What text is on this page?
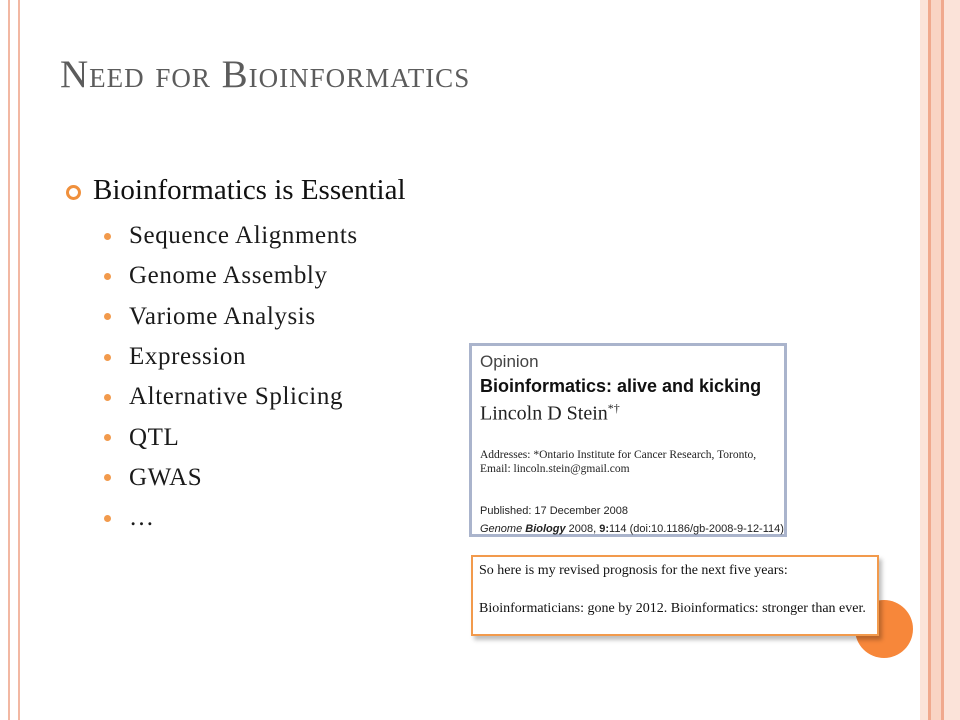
Need for Bioinformatics
Bioinformatics is Essential
Sequence Alignments
Genome Assembly
Variome Analysis
Expression
Alternative Splicing
QTL
GWAS
…
Opinion
Bioinformatics: alive and kicking
Lincoln D Stein*†
Addresses: *Ontario Institute for Cancer Research, Toronto,
Email: lincoln.stein@gmail.com
Published: 17 December 2008
Genome Biology 2008, 9:114 (doi:10.1186/gb-2008-9-12-114)

So here is my revised prognosis for the next five years:

Bioinformaticians: gone by 2012. Bioinformatics: stronger than ever.
